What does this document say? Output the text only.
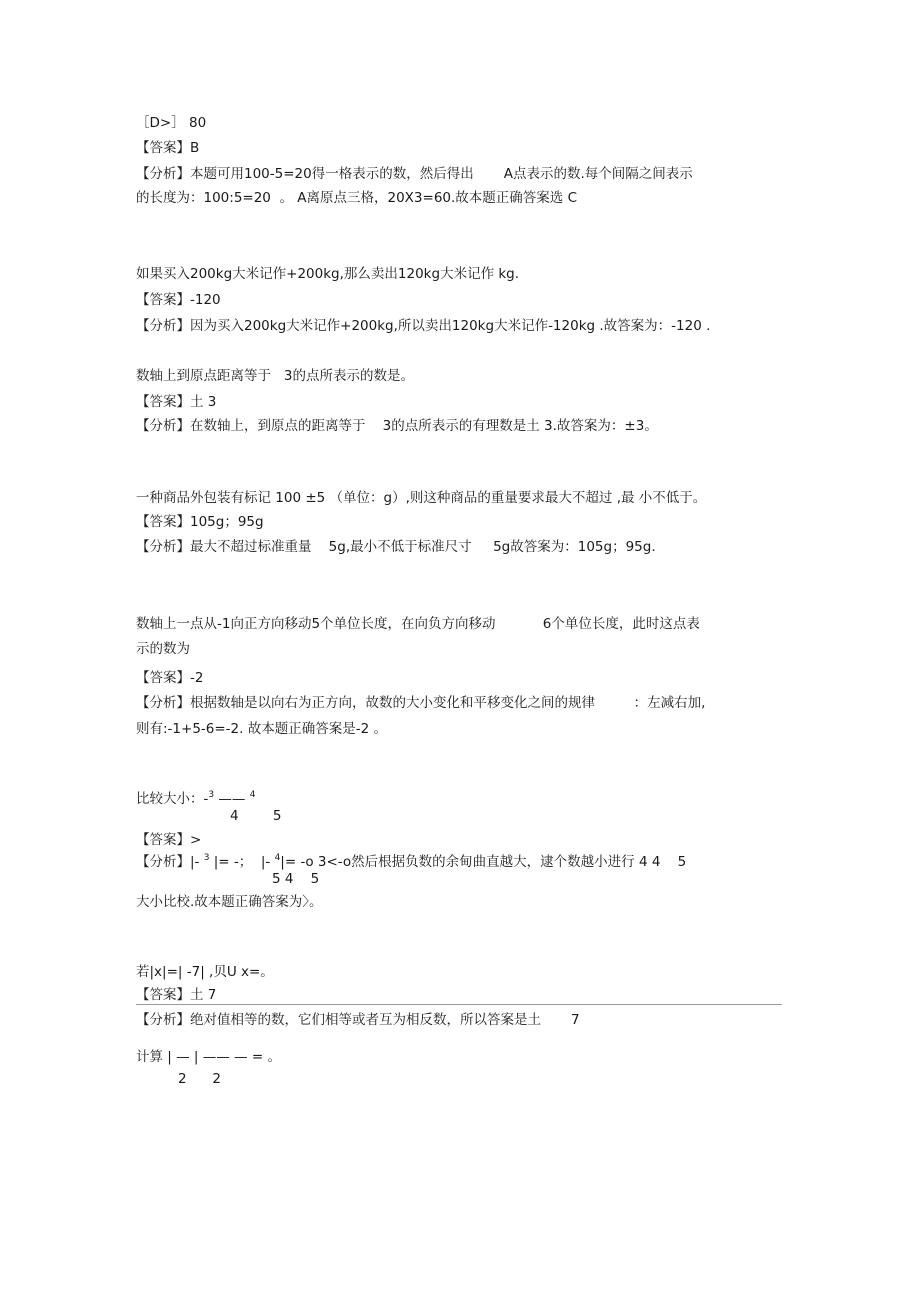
［D>］ 80
【答案】B
【分析】本题可用100-5=20得一格表示的数，然后得出       A点表示的数.每个间隔之间表示
的长度为：100:5=20  。 A离原点三格，20X3=60.故本题正确答案选 C
如果买入200kg大米记作+200kg,那么卖出120kg大米记作 kg.
【答案】-120
【分析】因为买入200kg大米记作+200kg,所以卖出120kg大米记作-120kg .故答案为：-120 .
数轴上到原点距离等于   3的点所表示的数是。
【答案】土 3
【分析】在数轴上，到原点的距离等于    3的点所表示的有理数是土 3.故答案为：±3。
一种商品外包装有标记 100 ±5 （单位：g）,则这种商品的重量要求最大不超过 ,最 小不低于。
【答案】105g；95g
【分析】最大不超过标准重量    5g,最小不低于标准尺寸     5g故答案为：105g；95g.
数轴上一点从-1向正方向移动5个单位长度，在向负方向移动           6个单位长度，此时这点表
示的数为
【答案】-2
【分析】根据数轴是以向右为正方向，故数的大小变化和平移变化之间的规律         ：左减右加,
则有:-1+5-6=-2. 故本题正确答案是-2 。
比较大小：-$^3$ —— $^4$
4        5
【答案】>
【分析】|- $^3$ |= -；  |- $^4$|= -o 3<-o然后根据负数的余甸曲直越大，逮个数越小进行 4 4    5
5 4    5
大小比校.故本题正确答案为〉。
若|x|=| -7| ,贝U x=。
【答案】土 7
【分析】绝对值相等的数，它们相等或者互为相反数，所以答案是土       7
计算 | — | —— — = 。
2      2
